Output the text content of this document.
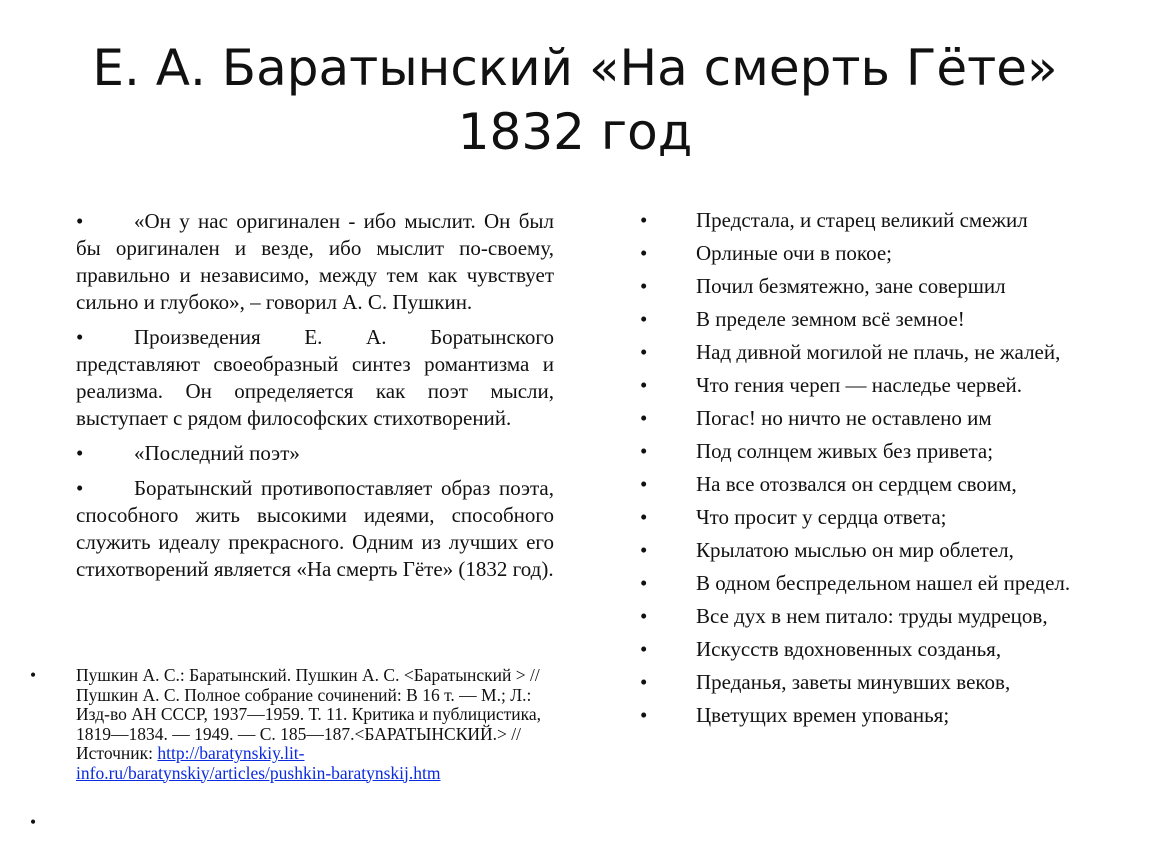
Е. А. Баратынский «На смерть Гёте»
1832 год

• «Он у нас оригинален - ибо мыслит. Он был бы оригинален и везде, ибо мыслит по-своему, правильно и независимо, между тем как чувствует сильно и глубоко», – говорил А. С. Пушкин.

• Произведения Е. А. Боратынского представляют своеобразный синтез романтизма и реализма. Он определяется как поэт мысли, выступает с рядом философских стихотворений.

• «Последний поэт»

• Боратынский противопоставляет образ поэта, способного жить высокими идеями, способного служить идеалу прекрасного. Одним из лучших его стихотворений является «На смерть Гёте» (1832 год).

• Пушкин А. С.: Баратынский. Пушкин А. С. <Баратынский > // Пушкин А. С. Полное собрание сочинений: В 16 т. — М.; Л.: Изд-во АН СССР, 1937—1959. Т. 11. Критика и публицистика, 1819—1834. — 1949. — С. 185—187.<БАРАТЫНСКИЙ.> // Источник: http://baratynskiy.lit-info.ru/baratynskiy/articles/pushkin-baratynskij.htm
•

• Предстала, и старец великий смежил

• Орлиные очи в покое;

• Почил безмятежно, зане совершил

• В пределе земном всё земное!

• Над дивной могилой не плачь, не жалей,

• Что гения череп — наследье червей.

• Погас! но ничто не оставлено им

• Под солнцем живых без привета;

• На все отозвался он сердцем своим,

• Что просит у сердца ответа;

• Крылатою мыслью он мир облетел,

• В одном беспредельном нашел ей предел.

• Все дух в нем питало: труды мудрецов,

• Искусств вдохновенных созданья,

• Преданья, заветы минувших веков,

• Цветущих времен упованья;
